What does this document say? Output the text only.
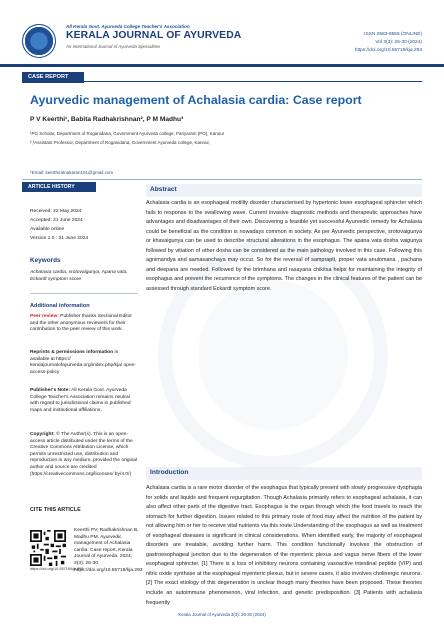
All Kerala Govt. Ayurveda College Teacher's Association
KERALA JOURNAL OF AYURVEDA
An International Journal of Ayurveda Specialities
ISSN 2583-8555 (ONLINE)
Vol 3(3): 26-30 (2024)
https://doi.org/10.55718/kja.293
CASE REPORT
Ayurvedic management of Achalasia cardia: Case report
P V Keerthi¹, Babita Radhakrishnan², P M Madhu³
¹PG Scholar, Department of Roganidana, Government Ayurveda college, Pariyaram (PO), Kannur
²,³Assistant Professor, Department of Roganidana, Government Ayurveda college, Kannur,
*Email: keerthiratnakaran101@gmail.com
ARTICLE HISTORY
Received: 22 May 2024
Accepted: 21 June 2024
Available online
Version 1.0 : 31 June 2024
Keywords
Achalasia cardia, srotovaigunya, Apana vata, Eckardt symptom score
Additional information
Peer review: Publisher thanks Sectional Editor and the other anonymous reviewers for their contribution to the peer review of this work.
Reprints & permissions information is available at https:// keralajournalofayurveda.org/index.php/kja/ open-access-policy
Publisher's Note: All Kerala Govt. Ayurveda College Teacher's Association remains neutral with regard to jurisdictional claims in published maps and institutional affiliations.
Copyright: © The Author(s). This is an open-access article distributed under the terms of the Creative Commons Attribution License, which permits unrestricted use, distribution and reproduction in any medium, provided the original author and source are credited (https://creativecommons.org/licenses/ by/4.0/)
CITE THIS ARTICLE
https://doi.org/10.55718/kja.293
Keerthi PV, Radhakrishnan B, Madhu PM. Ayurvedic management of Achalasia cardia: Case report. Kerala Journal of Ayurveda. 2024; 3(3): 26-30. https://doi.org/10.55718/kja.293
Abstract
Achalasia cardia is an esophageal motility disorder characterised by hypertonic lower esophageal sphincter which fails to response to the swallowing wave. Current invasive diagnostic methods and therapeutic approaches have advantages and disadvantages of their own. Discovering a feasible yet successful Ayurvedic remedy for Achalasia could be beneficial as the condition is nowadays common in society. As per Ayurvedic perspective, srotovaigunya or khavaigunya can be used to describe structural alterations in the esophagus. The apana vata dosha vaigunya followed by vitiation of other dosha can be considered as the main pathology involved in this case. Following this agnimandya and aamasanchaya may occur. So for the reversal of samprapti, proper vata anulomana , pachana and deepana are needed. Followed by the brimhana and rasayana chikitsa helps for maintaining the integrity of esophagus and prevent the recurrence of the symptoms. The changes in the clinical features of the patient can be assessed through standard Eckardt symptom score.
Introduction
Achalasia cardia is a rare motor disorder of the esophagus that typically present with slowly progressive dysphagia for solids and liquids and frequent regurgitation. Though Achalasia primarily refers to esophageal achalasia, it can also affect other parts of the digestive tract. Esophagus is the organ through which the food travels to reach the stomach for further digestion. Issues related to this primary route of food may affect the nutrition of the patient by not allowing him or her to receive vital nutrients via this route.Understanding of the esophagus as well as treatment of esophageal diseases is significant in clinical considerations. When identified early, the majority of esophageal disorders are treatable, avoiding further harm. This condition functionally involves the obstruction of gastroesophageal junction due to the degeneration of the myenteric plexus and vagus nerve fibers of the lower esophageal sphincter. [1] There is a loss of inhibitory neurons containing vasoactive intestinal peptide (VIP) and nitric oxide synthase at the esophageal myenteric plexus, but in severe cases, it also involves cholinergic neurons. [2] The exact etiology of this degeneration is unclear though many theories have been proposed. These theories include an autoimmune phenomenon, viral infection, and genetic predisposition. [3] Patients with achalasia frequently
Kerala Journal of Ayurveda 3(3): 26-30 (2024)
